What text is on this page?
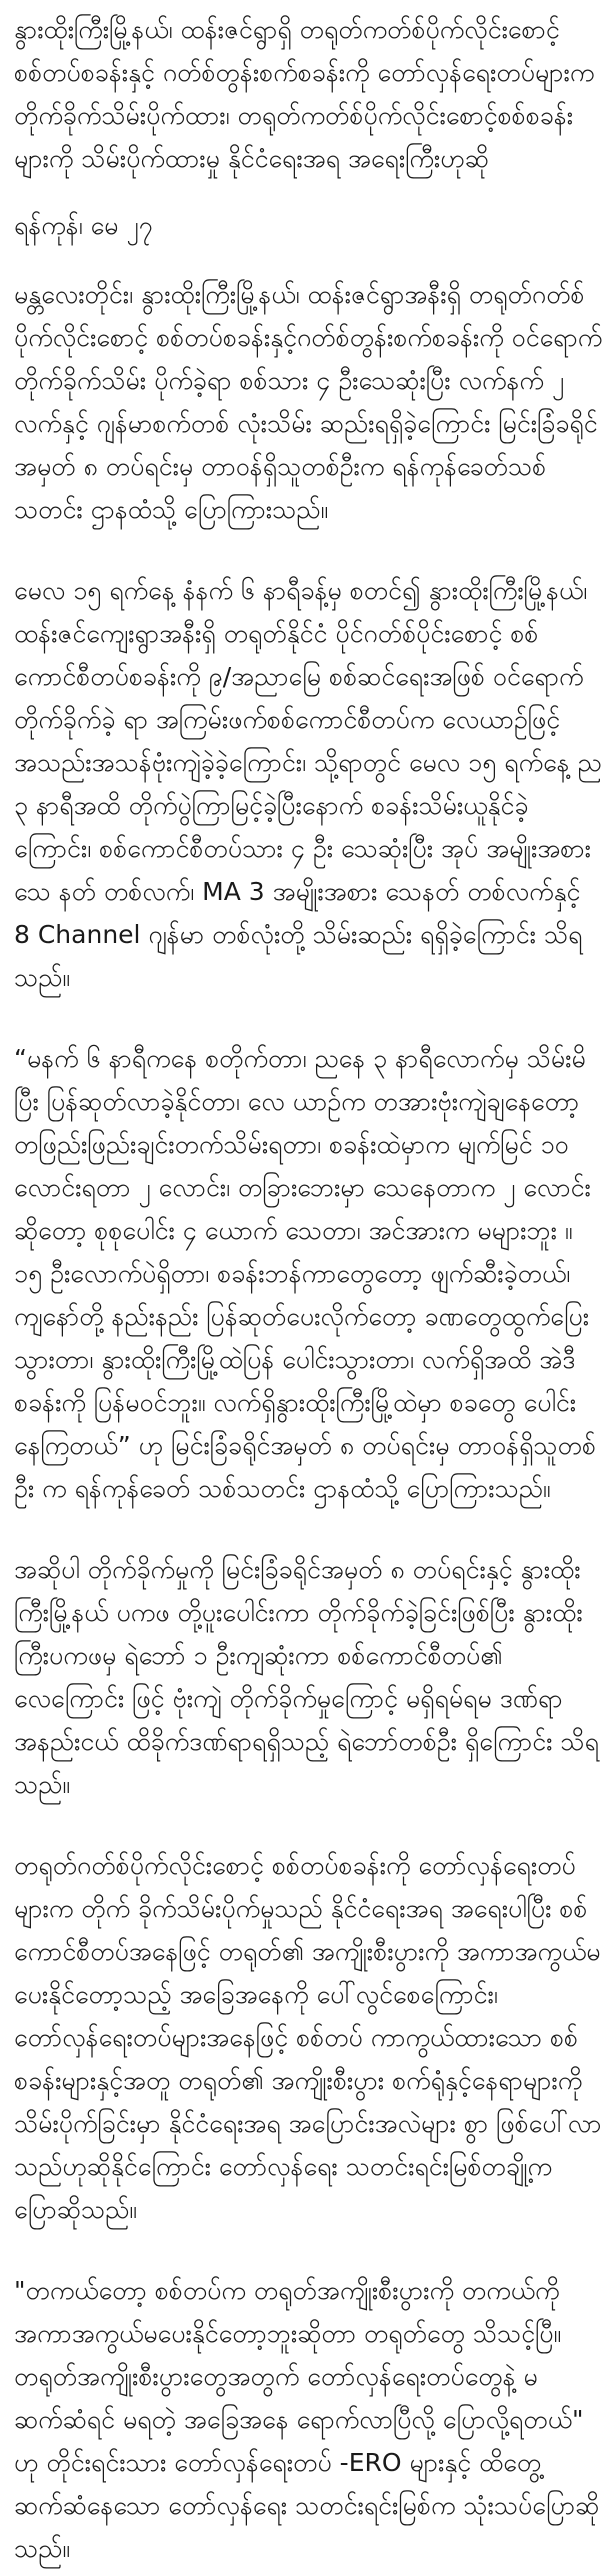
နွားထိုးကြီးမြို့နယ်၊ ထန်းဇင်ရွာရှိ တရုတ်ကတ်စ်ပိုက်လိုင်းစောင့် စစ်တပ်စခန်းနှင့် ဂတ်စ်တွန်းစက်စခန်းကို တော်လှန်ရေးတပ်များက တိုက်ခိုက်သိမ်းပိုက်ထား၊ တရုတ်ကတ်စ်ပိုက်လိုင်းစောင့်စစ်စခန်းများကို သိမ်းပိုက်ထားမှု နိုင်ငံရေးအရ အရေးကြီးဟုဆို
ရန်ကုန်၊ မေ ၂၇

မန္တလေးတိုင်း၊ နွားထိုးကြီးမြို့နယ်၊ ထန်းဇင်ရွာအနီးရှိ တရုတ်ဂတ်စ်ပိုက်လိုင်းစောင့် စစ်တပ်စခန်းနှင့်ဂတ်စ်တွန်းစက်စခန်းကို ဝင်ရောက် တိုက်ခိုက်သိမ်း ပိုက်ခဲ့ရာ စစ်သား ၄ ဦးသေဆုံးပြီး လက်နက် ၂ လက်နှင့် ဂျန်မာစက်တစ် လုံးသိမ်း ဆည်းရရှိခဲ့ကြောင်း မြင်းခြံခရိုင်အမှတ် ၈ တပ်ရင်းမှ တာဝန်ရှိသူတစ်ဦးက ရန်ကုန်ခေတ်သစ်သတင်း ဌာနထံသို့ ပြောကြားသည်။

မေလ ၁၅ ရက်နေ့ နံနက် ၆ နာရီခန့်မှ စတင်၍ နွားထိုးကြီးမြို့နယ်၊ ထန်းဇင်ကျေးရွာအနီးရှိ တရုတ်နိုင်ငံ ပိုင်ဂတ်စ်ပိုင်းစောင့် စစ်ကောင်စီတပ်စခန်းကို ၉/အညာမြေ စစ်ဆင်ရေးအဖြစ် ဝင်ရောက်တိုက်ခိုက်ခဲ့ ရာ အကြမ်းဖက်စစ်ကောင်စီတပ်က လေယာဉ်ဖြင့် အသည်းအသန်ဗုံးကျဲခဲ့ခဲ့ကြောင်း၊ သို့ရာတွင် မေလ ၁၅ ရက်နေ့ ည ၃ နာရီအထိ တိုက်ပွဲကြာမြင့်ခဲ့ပြီးနောက် စခန်းသိမ်းယူနိုင်ခဲ့ကြောင်း၊ စစ်ကောင်စီတပ်သား ၄ ဦး သေဆုံးပြီး အုပ် အမျိုးအစား သေ နတ် တစ်လက်၊ MA 3 အမျိုးအစား သေနတ် တစ်လက်နှင့် 8 Channel ဂျန်မာ တစ်လုံးတို့ သိမ်းဆည်း ရရှိခဲ့ကြောင်း သိရသည်။

“မနက် ၆ နာရီကနေ စတိုက်တာ၊ ညနေ ၃ နာရီလောက်မှ သိမ်းမိပြီး ပြန်ဆုတ်လာခဲ့နိုင်တာ၊ လေ ယာဉ်က တအားဗုံးကျဲချနေတော့ တဖြည်းဖြည်းချင်းတက်သိမ်းရတာ၊ စခန်းထဲမှာက မျက်မြင် ၁၀ လောင်းရတာ ၂ လောင်း၊ တခြားဘေးမှာ သေနေတာက ၂ လောင်းဆိုတော့ စုစုပေါင်း ၄ ယောက် သေတာ၊ အင်အားက မများဘူး ။ ၁၅ ဦးလောက်ပဲရှိတာ၊ စခန်းဘန်ကာတွေတော့ ဖျက်ဆီးခဲ့တယ်၊ ကျနော်တို့ နည်းနည်း ပြန်ဆုတ်ပေးလိုက်တော့ ခဏတွေထွက်ပြေးသွားတာ၊ နွားထိုးကြီးမြို့ထဲပြန် ပေါင်းသွားတာ၊ လက်ရှိအထိ အဲဒီစခန်းကို ပြန်မဝင်ဘူး။ လက်ရှိနွားထိုးကြီးမြို့ထဲမှာ စခတွေ ပေါင်း နေကြတယ်” ဟု မြင်းခြံခရိုင်အမှတ် ၈ တပ်ရင်းမှ တာဝန်ရှိသူတစ်ဦး က ရန်ကုန်ခေတ် သစ်သတင်း ဌာနထံသို့ ပြောကြားသည်။

အဆိုပါ တိုက်ခိုက်မှုကို မြင်းခြံခရိုင်အမှတ် ၈ တပ်ရင်းနှင့် နွားထိုးကြီးမြို့နယ် ပကဖ တို့ပူးပေါင်းကာ တိုက်ခိုက်ခဲ့ခြင်းဖြစ်ပြီး နွားထိုးကြီးပကဖမှ ရဲဘော် ၁ ဦးကျဆုံးကာ စစ်ကောင်စီတပ်၏ လေကြောင်း ဖြင့် ဗုံးကျဲ တိုက်ခိုက်မှုကြောင့် မရှိရမ်ရမ ဒဏ်ရာ အနည်းငယ် ထိခိုက်ဒဏ်ရာရရှိသည့် ရဲဘော်တစ်ဦး ရှိကြောင်း သိရသည်။

တရုတ်ဂတ်စ်ပိုက်လိုင်းစောင့် စစ်တပ်စခန်းကို တော်လှန်ရေးတပ်များက တိုက် ခိုက်သိမ်းပိုက်မှုသည် နိုင်ငံရေးအရ အရေးပါပြီး စစ်ကောင်စီတပ်အနေဖြင့် တရုတ်၏ အကျိုးစီးပွားကို အကာအကွယ်မပေးနိုင်တော့သည့် အခြေအနေကို ပေါ်လွင်စေကြောင်း၊ တော်လှန်ရေးတပ်များအနေဖြင့် စစ်တပ် ကာကွယ်ထားသော စစ်စခန်းများနှင့်အတူ တရုတ်၏ အကျိုးစီးပွား စက်ရုံနှင့်နေရာများကို သိမ်းပိုက်ခြင်းမှာ နိုင်ငံရေးအရ အပြောင်းအလဲများ စွာ ဖြစ်ပေါ်လာသည်ဟုဆိုနိုင်ကြောင်း တော်လှန်ရေး သတင်းရင်းမြစ်တချို့က ပြောဆိုသည်။

"တကယ်တော့ စစ်တပ်က တရုတ်အကျိုးစီးပွားကို တကယ်ကို အကာအကွယ်မပေးနိုင်တော့ဘူးဆိုတာ တရုတ်တွေ သိသင့်ပြီ။ တရုတ်အကျိုးစီးပွားတွေအတွက် တော်လှန်ရေးတပ်တွေနဲ့ မဆက်ဆံရင် မရတဲ့ အခြေအနေ ရောက်လာပြီလို့ ပြောလို့ရတယ်" ဟု တိုင်းရင်းသား တော်လှန်ရေးတပ် -ERO များနှင့် ထိတွေ့ဆက်ဆံနေသော တော်လှန်ရေး သတင်းရင်းမြစ်က သုံးသပ်ပြောဆိုသည်။
